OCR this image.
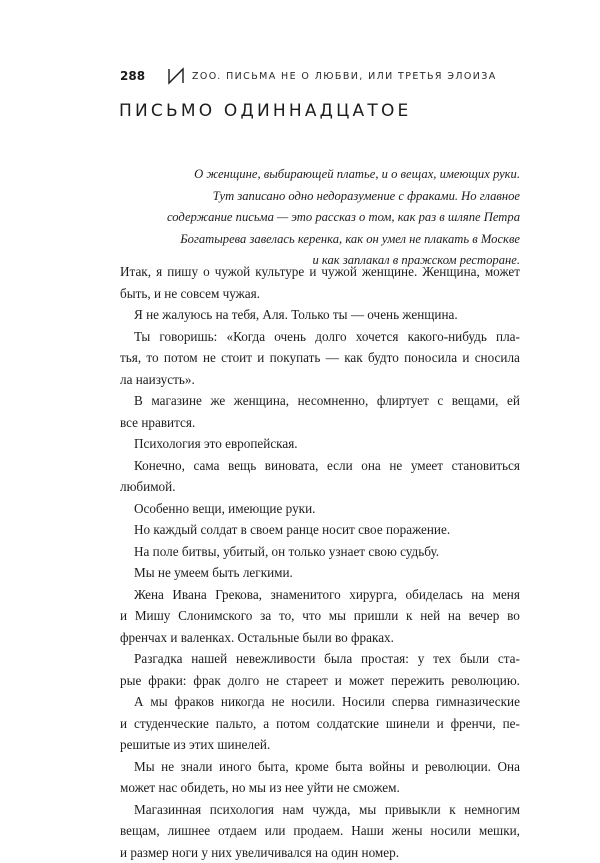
288	ZOO. ПИСЬМА НЕ О ЛЮБВИ, ИЛИ ТРЕТЬЯ ЭЛОИЗА
ПИСЬМО ОДИННАДЦАТОЕ
О женщине, выбирающей платье, и о вещах, имеющих руки.
Тут записано одно недоразумение с фраками. Но главное
содержание письма — это рассказ о том, как раз в шляпе Петра
Богатырева завелась керенка, как он умел не плакать в Москве
и как заплакал в пражском ресторане.
Итак, я пишу о чужой культуре и чужой женщине. Женщина, может
быть, и не совсем чужая.
Я не жалуюсь на тебя, Аля. Только ты — очень женщина.
Ты говоришь: «Когда очень долго хочется какого-нибудь пла-
тья, то потом не стоит и покупать — как будто поносила и сносила
ла наизусть».
В магазине же женщина, несомненно, флиртует с вещами, ей
все нравится.
Психология это европейская.
Конечно, сама вещь виновата, если она не умеет становиться
любимой.
Особенно вещи, имеющие руки.
Но каждый солдат в своем ранце носит свое поражение.
На поле битвы, убитый, он только узнает свою судьбу.
Мы не умеем быть легкими.
Жена Ивана Грекова, знаменитого хирурга, обиделась на меня
и Мишу Слонимского за то, что мы пришли к ней на вечер во
френчах и валенках. Остальные были во фраках.
Разгадка нашей невежливости была простая: у тех были ста-
рые фраки: фрак долго не стареет и может пережить революцию.
А мы фраков никогда не носили. Носили сперва гимназические
и студенческие пальто, а потом солдатские шинели и френчи, пе-
решитые из этих шинелей.
Мы не знали иного быта, кроме быта войны и революции. Она
может нас обидеть, но мы из нее уйти не сможем.
Магазинная психология нам чужда, мы привыкли к немногим
вещам, лишнее отдаем или продаем. Наши жены носили мешки,
и размер ноги у них увеличивался на один номер.
